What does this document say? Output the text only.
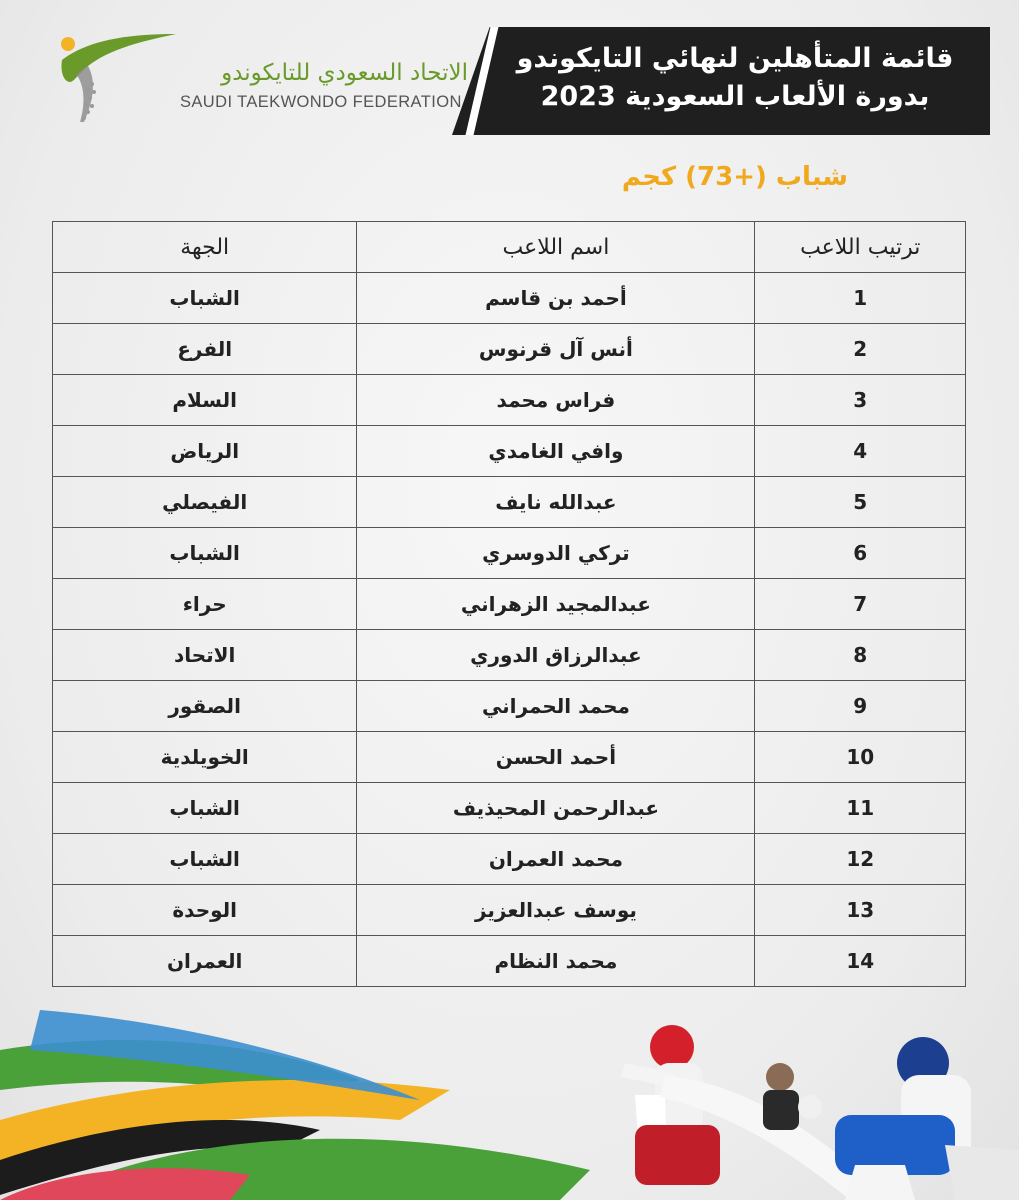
الاتحاد السعودي للتايكوندو
SAUDI TAEKWONDO FEDERATION
قائمة المتأهلين لنهائي التايكوندو
بدورة الألعاب السعودية 2023
شباب (+73) كجم
ترتيب اللاعب	اسم اللاعب	الجهة
1	أحمد بن قاسم	الشباب
2	أنس آل قرنوس	الفرع
3	فراس محمد	السلام
4	وافي الغامدي	الرياض
5	عبدالله نايف	الفيصلي
6	تركي الدوسري	الشباب
7	عبدالمجيد الزهراني	حراء
8	عبدالرزاق الدوري	الاتحاد
9	محمد الحمراني	الصقور
10	أحمد الحسن	الخويلدية
11	عبدالرحمن المحيذيف	الشباب
12	محمد العمران	الشباب
13	يوسف عبدالعزيز	الوحدة
14	محمد النظام	العمران
